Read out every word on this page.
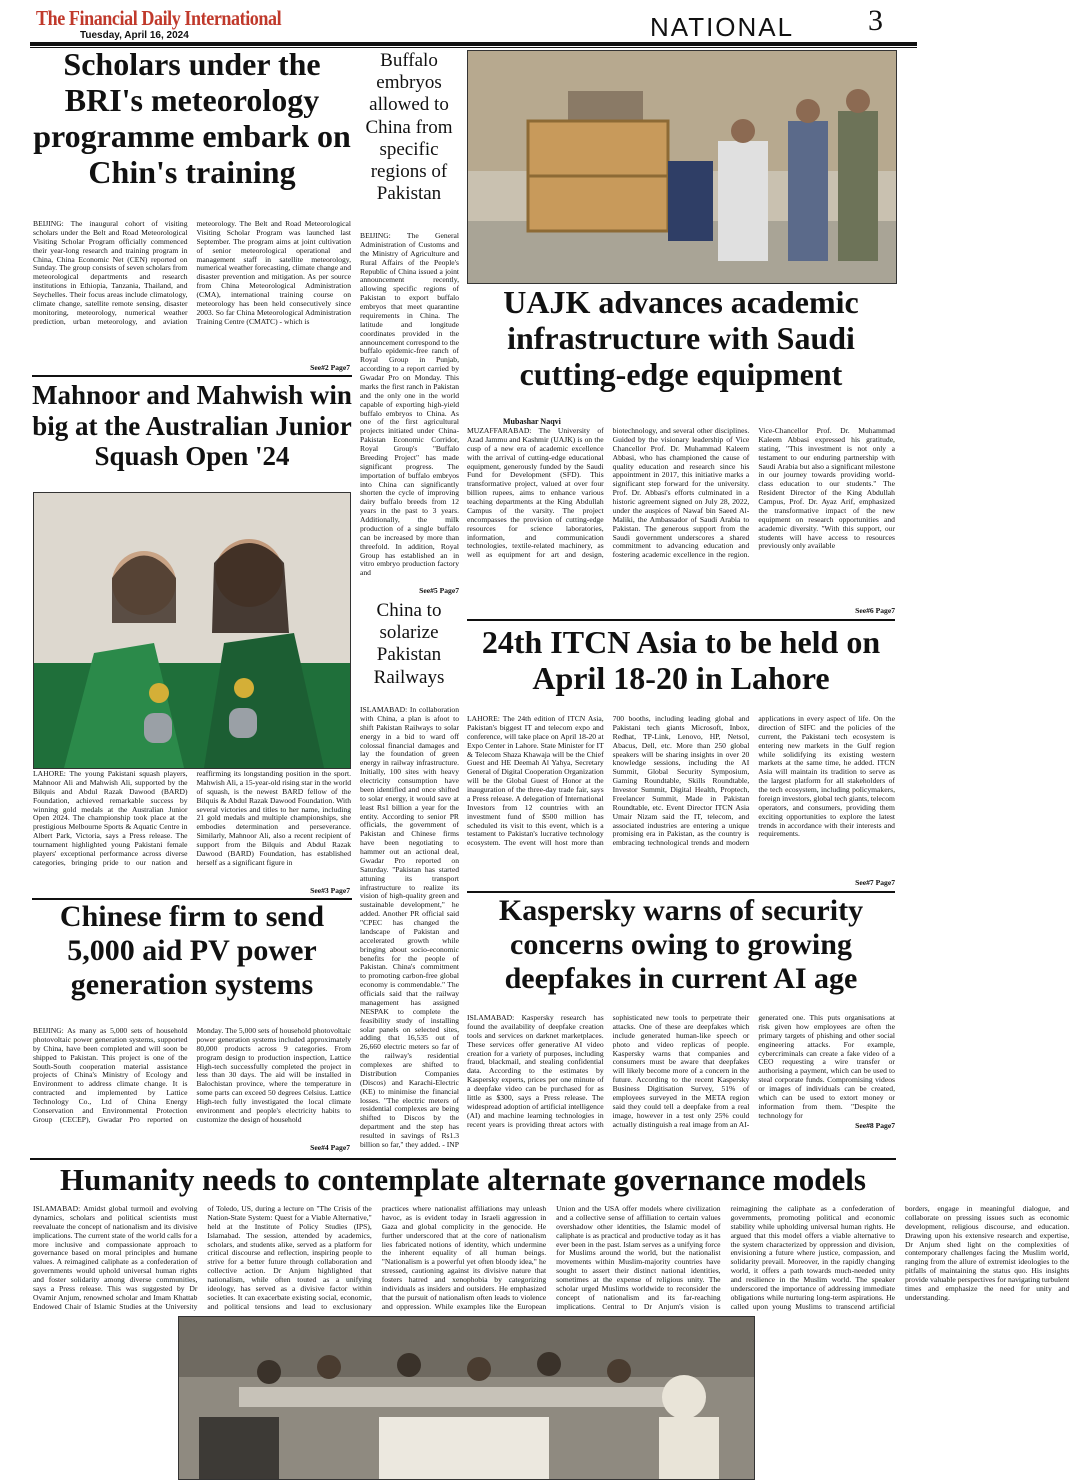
The Financial Daily International
Tuesday, April 16, 2024	NATIONAL 3
Scholars under the BRI's meteorology programme embark on Chin's training

BEIJING: The inaugural cohort of visiting scholars under the Belt and Road Meteorological Visiting Scholar Program officially commenced their year-long research and training program in China, China Economic Net (CEN) reported on Sunday. The group consists of seven scholars from meteorological departments and research institutions in Ethiopia, Tanzania, Thailand, and Seychelles. Their focus areas include climatology, climate change, satellite remote sensing, disaster monitoring, meteorology, numerical weather prediction, urban meteorology, and aviation meteorology. The Belt and Road Meteorological Visiting Scholar Program was launched last September. The program aims at joint cultivation of senior meteorological operational and management staff in satellite meteorology, numerical weather forecasting, climate change and disaster prevention and mitigation. As per source from China Meteorological Administration (CMA), international training course on meteorology has been held consecutively since 2003. So far China Meteorological Administration Training Centre (CMATC) - which is

See#2 Page7
Buffalo embryos allowed to China from specific regions of Pakistan

BEIJING: The General Administration of Customs and the Ministry of Agriculture and Rural Affairs of the People's Republic of China issued a joint announcement recently, allowing specific regions of Pakistan to export buffalo embryos that meet quarantine requirements in China. The latitude and longitude coordinates provided in the announcement correspond to the buffalo epidemic-free ranch of Royal Group in Punjab, according to a report carried by Gwadar Pro on Monday. This marks the first ranch in Pakistan and the only one in the world capable of exporting high-yield buffalo embryos to China. As one of the first agricultural projects initiated under China-Pakistan Economic Corridor, Royal Group's "Buffalo Breeding Project" has made significant progress. The importation of buffalo embryos into China can significantly shorten the cycle of improving dairy buffalo breeds from 12 years in the past to 3 years. Additionally, the milk production of a single buffalo can be increased by more than threefold. In addition, Royal Group has established an in vitro embryo production factory and

See#5 Page7
UAJK advances academic infrastructure with Saudi cutting-edge equipment
Mubashar Naqvi

MUZAFFARABAD: The University of Azad Jammu and Kashmir (UAJK) is on the cusp of a new era of academic excellence with the arrival of cutting-edge educational equipment, generously funded by the Saudi Fund for Development (SFD). This transformative project, valued at over four billion rupees, aims to enhance various teaching departments at the King Abdullah Campus of the varsity. The project encompasses the provision of cutting-edge resources for science laboratories, information, and communication technologies, textile-related machinery, as well as equipment for art and design, biotechnology, and several other disciplines. Guided by the visionary leadership of Vice Chancellor Prof. Dr. Muhammad Kaleem Abbasi, who has championed the cause of quality education and research since his appointment in 2017, this initiative marks a significant step forward for the university. Prof. Dr. Abbasi's efforts culminated in a historic agreement signed on July 28, 2022, under the auspices of Nawaf bin Saeed Al-Maliki, the Ambassador of Saudi Arabia to Pakistan. The generous support from the Saudi government underscores a shared commitment to advancing education and fostering academic excellence in the region. Vice-Chancellor Prof. Dr. Muhammad Kaleem Abbasi expressed his gratitude, stating, "This investment is not only a testament to our enduring partnership with Saudi Arabia but also a significant milestone in our journey towards providing world-class education to our students." The Resident Director of the King Abdullah Campus, Prof. Dr. Ayaz Arif, emphasized the transformative impact of the new equipment on research opportunities and academic diversity. "With this support, our students will have access to resources previously only available

See#6 Page7
Mahnoor and Mahwish win big at the Australian Junior Squash Open '24

LAHORE: The young Pakistani squash players, Mahnoor Ali and Mahwish Ali, supported by the Bilquis and Abdul Razak Dawood (BARD) Foundation, achieved remarkable success by winning gold medals at the Australian Junior Open 2024. The championship took place at the prestigious Melbourne Sports & Aquatic Centre in Albert Park, Victoria, says a Press release. The tournament highlighted young Pakistani female players' exceptional performance across diverse categories, bringing pride to our nation and reaffirming its longstanding position in the sport. Mahwish Ali, a 15-year-old rising star in the world of squash, is the newest BARD fellow of the Bilquis & Abdul Razak Dawood Foundation. With several victories and titles to her name, including 21 gold medals and multiple championships, she embodies determination and perseverance. Similarly, Mahnoor Ali, also a recent recipient of support from the Bilquis and Abdul Razak Dawood (BARD) Foundation, has established herself as a significant figure in

See#3 Page7
China to solarize Pakistan Railways

ISLAMABAD: In collaboration with China, a plan is afoot to shift Pakistan Railways to solar energy in a bid to ward off colossal financial damages and lay the foundation of green energy in railway infrastructure. Initially, 100 sites with heavy electricity consumption have been identified and once shifted to solar energy, it would save at least Rs1 billion a year for the entity. According to senior PR officials, the government of Pakistan and Chinese firms have been negotiating to hammer out an actional deal, Gwadar Pro reported on Saturday. "Pakistan has started attuning its transport infrastructure to realize its vision of high-quality green and sustainable development," he added. Another PR official said "CPEC has changed the landscape of Pakistan and accelerated growth while bringing about socio-economic benefits for the people of Pakistan. China's commitment to promoting carbon-free global economy is commendable." The officials said that the railway management has assigned NESPAK to complete the feasibility study of installing solar panels on selected sites, adding that 16,535 out of 26,660 electric meters so far of the railway's residential complexes are shifted to Distribution Companies (Discos) and Karachi-Electric (KE) to minimise the financial losses. "The electric meters of residential complexes are being shifted to Discos by the department and the step has resulted in savings of Rs1.3 billion so far," they added. - INP

24th ITCN Asia to be held on April 18-20 in Lahore

LAHORE: The 24th edition of ITCN Asia, Pakistan's biggest IT and telecom expo and conference, will take place on April 18-20 at Expo Center in Lahore. State Minister for IT & Telecom Shaza Khawaja will be the Chief Guest and HE Deemah Al Yahya, Secretary General of Digital Cooperation Organization will be the Global Guest of Honor at the inauguration of the three-day trade fair, says a Press release. A delegation of International Investors from 12 countries with an investment fund of $500 million has scheduled its visit to this event, which is a testament to Pakistan's lucrative technology ecosystem. The event will host more than 700 booths, including leading global and Pakistani tech giants Microsoft, Inbox, Redhat, TP-Link, Lenovo, HP, Netsol, Abacus, Dell, etc. More than 250 global speakers will be sharing insights in over 20 knowledge sessions, including the AI Summit, Global Security Symposium, Gaming Roundtable, Skills Roundtable, Investor Summit, Digital Health, Proptech, Freelancer Summit, Made in Pakistan Roundtable, etc. Event Director ITCN Asia Umair Nizam said the IT, telecom, and associated industries are entering a unique promising era in Pakistan, as the country is embracing technological trends and modern applications in every aspect of life. On the direction of SIFC and the policies of the current, the Pakistani tech ecosystem is entering new markets in the Gulf region while solidifying its existing western markets at the same time, he added. ITCN Asia will maintain its tradition to serve as the largest platform for all stakeholders of the tech ecosystem, including policymakers, foreign investors, global tech giants, telecom operators, and consumers, providing them exciting opportunities to explore the latest trends in accordance with their interests and requirements.

See#7 Page7
Chinese firm to send 5,000 aid PV power generation systems

BEIJING: As many as 5,000 sets of household photovoltaic power generation systems, supported by China, have been completed and will soon be shipped to Pakistan. This project is one of the South-South cooperation material assistance projects of China's Ministry of Ecology and Environment to address climate change. It is contracted and implemented by Lattice Technology Co., Ltd of China Energy Conservation and Environmental Protection Group (CECEP), Gwadar Pro reported on Monday. The 5,000 sets of household photovoltaic power generation systems included approximately 80,000 products across 9 categories. From program design to production inspection, Lattice High-tech successfully completed the project in less than 30 days. The aid will be installed in Balochistan province, where the temperature in some parts can exceed 50 degrees Celsius. Lattice High-tech fully investigated the local climate environment and people's electricity habits to customize the design of household

See#4 Page7
Kaspersky warns of security concerns owing to growing deepfakes in current AI age

ISLAMABAD: Kaspersky research has found the availability of deepfake creation tools and services on darknet marketplaces. These services offer generative AI video creation for a variety of purposes, including fraud, blackmail, and stealing confidential data. According to the estimates by Kaspersky experts, prices per one minute of a deepfake video can be purchased for as little as $300, says a Press release. The widespread adoption of artificial intelligence (AI) and machine learning technologies in recent years is providing threat actors with sophisticated new tools to perpetrate their attacks. One of these are deepfakes which include generated human-like speech or photo and video replicas of people. Kaspersky warns that companies and consumers must be aware that deepfakes will likely become more of a concern in the future. According to the recent Kaspersky Business Digitisation Survey, 51% of employees surveyed in the META region said they could tell a deepfake from a real image, however in a test only 25% could actually distinguish a real image from an AI-generated one. This puts organisations at risk given how employees are often the primary targets of phishing and other social engineering attacks. For example, cybercriminals can create a fake video of a CEO requesting a wire transfer or authorising a payment, which can be used to steal corporate funds. Compromising videos or images of individuals can be created, which can be used to extort money or information from them. "Despite the technology for

See#8 Page7
Humanity needs to contemplate alternate governance models

ISLAMABAD: Amidst global turmoil and evolving dynamics, scholars and political scientists must reevaluate the concept of nationalism and its divisive implications. The current state of the world calls for a more inclusive and compassionate approach to governance based on moral principles and humane values. A reimagined caliphate as a confederation of governments would uphold universal human rights and foster solidarity among diverse communities, says a Press release. This was suggested by Dr Ovamir Anjum, renowned scholar and Imam Khattab Endowed Chair of Islamic Studies at the University of Toledo, US, during a lecture on "The Crisis of the Nation-State System: Quest for a Viable Alternative," held at the Institute of Policy Studies (IPS), Islamabad. The session, attended by academics, scholars, and students alike, served as a platform for critical discourse and reflection, inspiring people to strive for a better future through collaboration and collective action. Dr Anjum highlighted that nationalism, while often touted as a unifying ideology, has served as a divisive factor within societies. It can exacerbate existing social, economic, and political tensions and lead to exclusionary practices where nationalist affiliations may unleash havoc, as is evident today in Israeli aggression in Gaza and global complicity in the genocide. He further underscored that at the core of nationalism lies fabricated notions of identity, which undermine the inherent equality of all human beings. "Nationalism is a powerful yet often bloody idea," he stressed, cautioning against its divisive nature that fosters hatred and xenophobia by categorizing individuals as insiders and outsiders. He emphasized that the pursuit of nationalism often leads to violence and oppression. While examples like the European Union and the USA offer models where civilization and a collective sense of affiliation to certain values overshadow other identities, the Islamic model of caliphate is as practical and productive today as it has ever been in the past. Islam serves as a unifying force for Muslims around the world, but the nationalist movements within Muslim-majority countries have sought to assert their distinct national identities, sometimes at the expense of religious unity. The scholar urged Muslims worldwide to reconsider the concept of nationalism and its far-reaching implications. Central to Dr Anjum's vision is reimagining the caliphate as a confederation of governments, promoting political and economic stability while upholding universal human rights. He argued that this model offers a viable alternative to the system characterized by oppression and division, envisioning a future where justice, compassion, and solidarity prevail. Moreover, in the rapidly changing world, it offers a path towards much-needed unity and resilience in the Muslim world. The speaker underscored the importance of addressing immediate obligations while nurturing long-term aspirations. He called upon young Muslims to transcend artificial borders, engage in meaningful dialogue, and collaborate on pressing issues such as economic development, religious discourse, and education. Drawing upon his extensive research and expertise, Dr Anjum shed light on the complexities of contemporary challenges facing the Muslim world, ranging from the allure of extremist ideologies to the pitfalls of maintaining the status quo. His insights provide valuable perspectives for navigating turbulent times and emphasize the need for unity and understanding.
